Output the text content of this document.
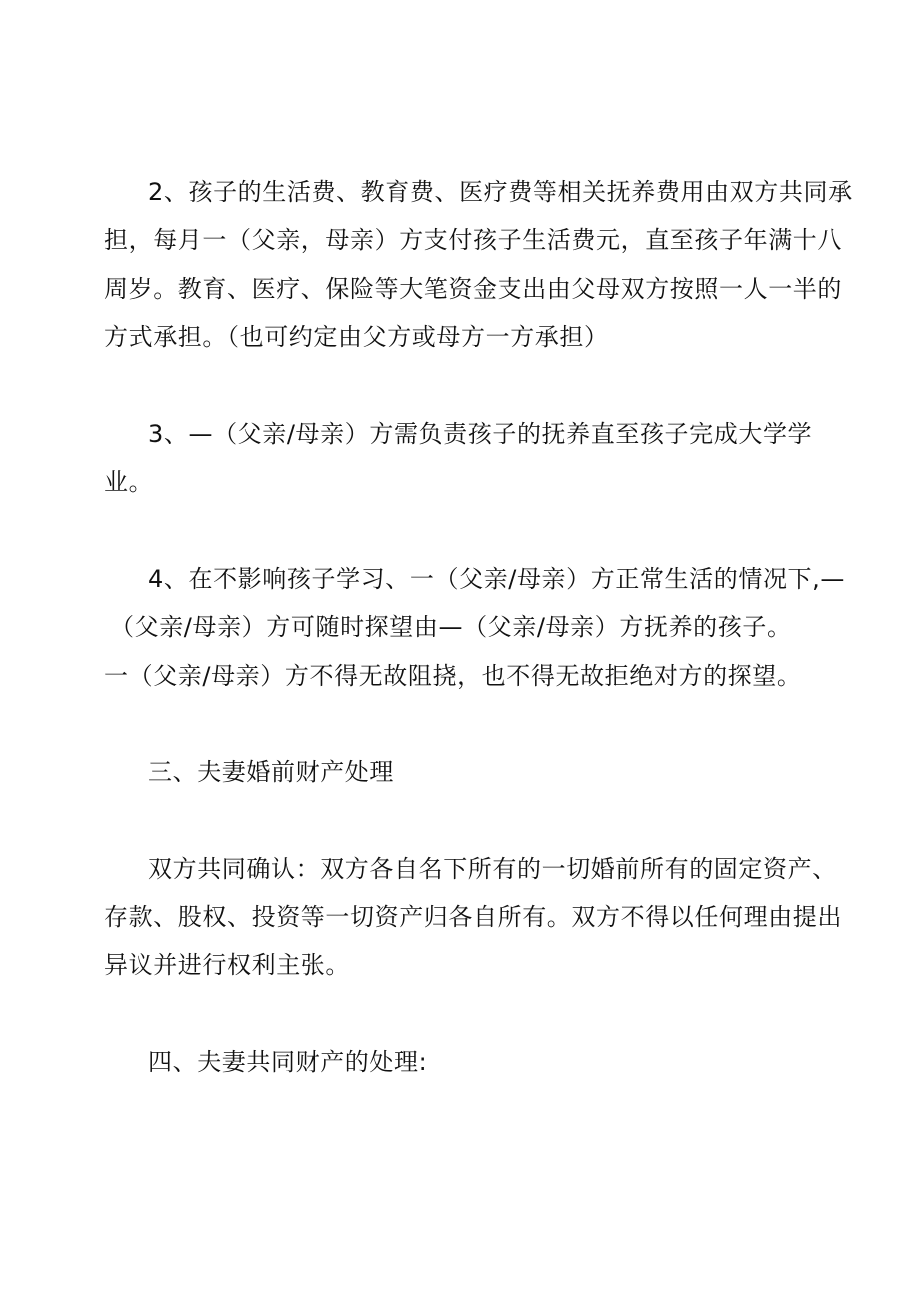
2、孩子的生活费、教育费、医疗费等相关抚养费用由双方共同承
担，每月一（父亲，母亲）方支付孩子生活费元，直至孩子年满十八
周岁。教育、医疗、保险等大笔资金支出由父母双方按照一人一半的
方式承担。（也可约定由父方或母方一方承担）
3、—（父亲/母亲）方需负责孩子的抚养直至孩子完成大学学
业。
4、在不影响孩子学习、一（父亲/母亲）方正常生活的情况下,—
（父亲/母亲）方可随时探望由—（父亲/母亲）方抚养的孩子。
一（父亲/母亲）方不得无故阻挠，也不得无故拒绝对方的探望。
三、夫妻婚前财产处理
双方共同确认：双方各自名下所有的一切婚前所有的固定资产、
存款、股权、投资等一切资产归各自所有。双方不得以任何理由提出
异议并进行权利主张。
四、夫妻共同财产的处理:
